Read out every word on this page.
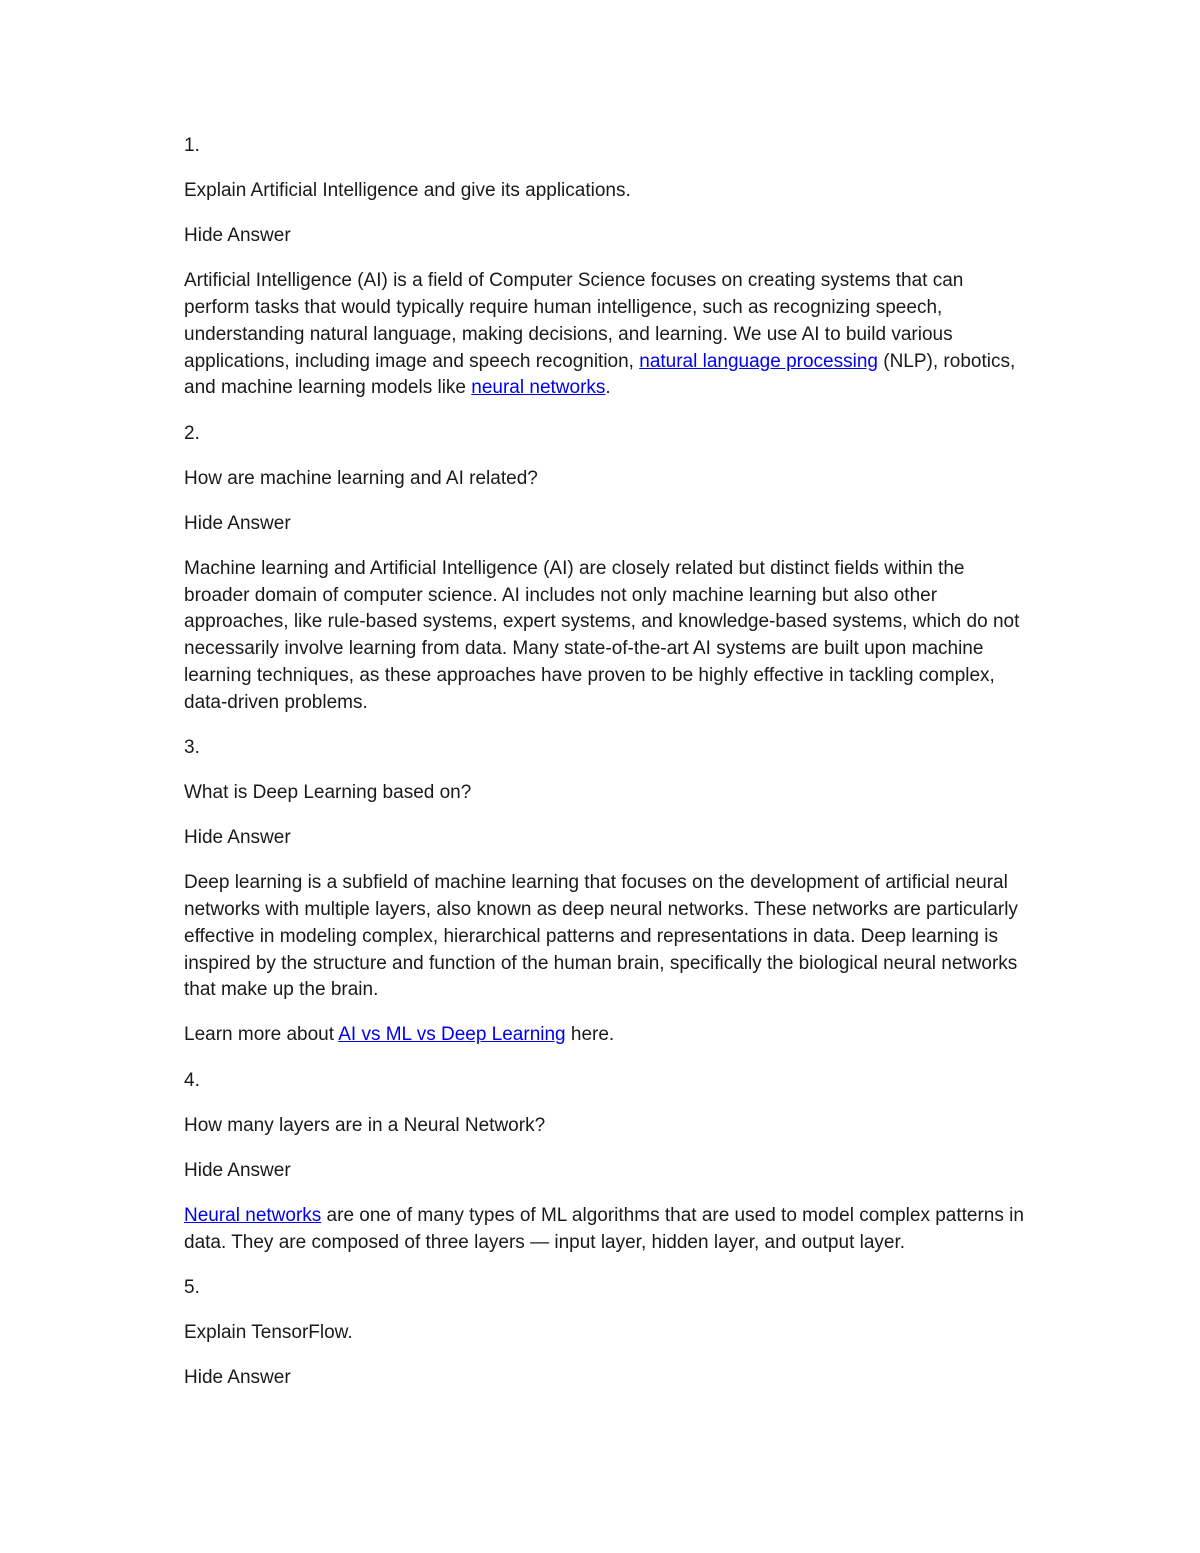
1.
Explain Artificial Intelligence and give its applications.
Hide Answer
Artificial Intelligence (AI) is a field of Computer Science focuses on creating systems that can perform tasks that would typically require human intelligence, such as recognizing speech, understanding natural language, making decisions, and learning. We use AI to build various applications, including image and speech recognition, natural language processing (NLP), robotics, and machine learning models like neural networks.
2.
How are machine learning and AI related?
Hide Answer
Machine learning and Artificial Intelligence (AI) are closely related but distinct fields within the broader domain of computer science. AI includes not only machine learning but also other approaches, like rule-based systems, expert systems, and knowledge-based systems, which do not necessarily involve learning from data. Many state-of-the-art AI systems are built upon machine learning techniques, as these approaches have proven to be highly effective in tackling complex, data-driven problems.
3.
What is Deep Learning based on?
Hide Answer
Deep learning is a subfield of machine learning that focuses on the development of artificial neural networks with multiple layers, also known as deep neural networks. These networks are particularly effective in modeling complex, hierarchical patterns and representations in data. Deep learning is inspired by the structure and function of the human brain, specifically the biological neural networks that make up the brain.
Learn more about AI vs ML vs Deep Learning here.
4.
How many layers are in a Neural Network?
Hide Answer
Neural networks are one of many types of ML algorithms that are used to model complex patterns in data. They are composed of three layers — input layer, hidden layer, and output layer.
5.
Explain TensorFlow.
Hide Answer
